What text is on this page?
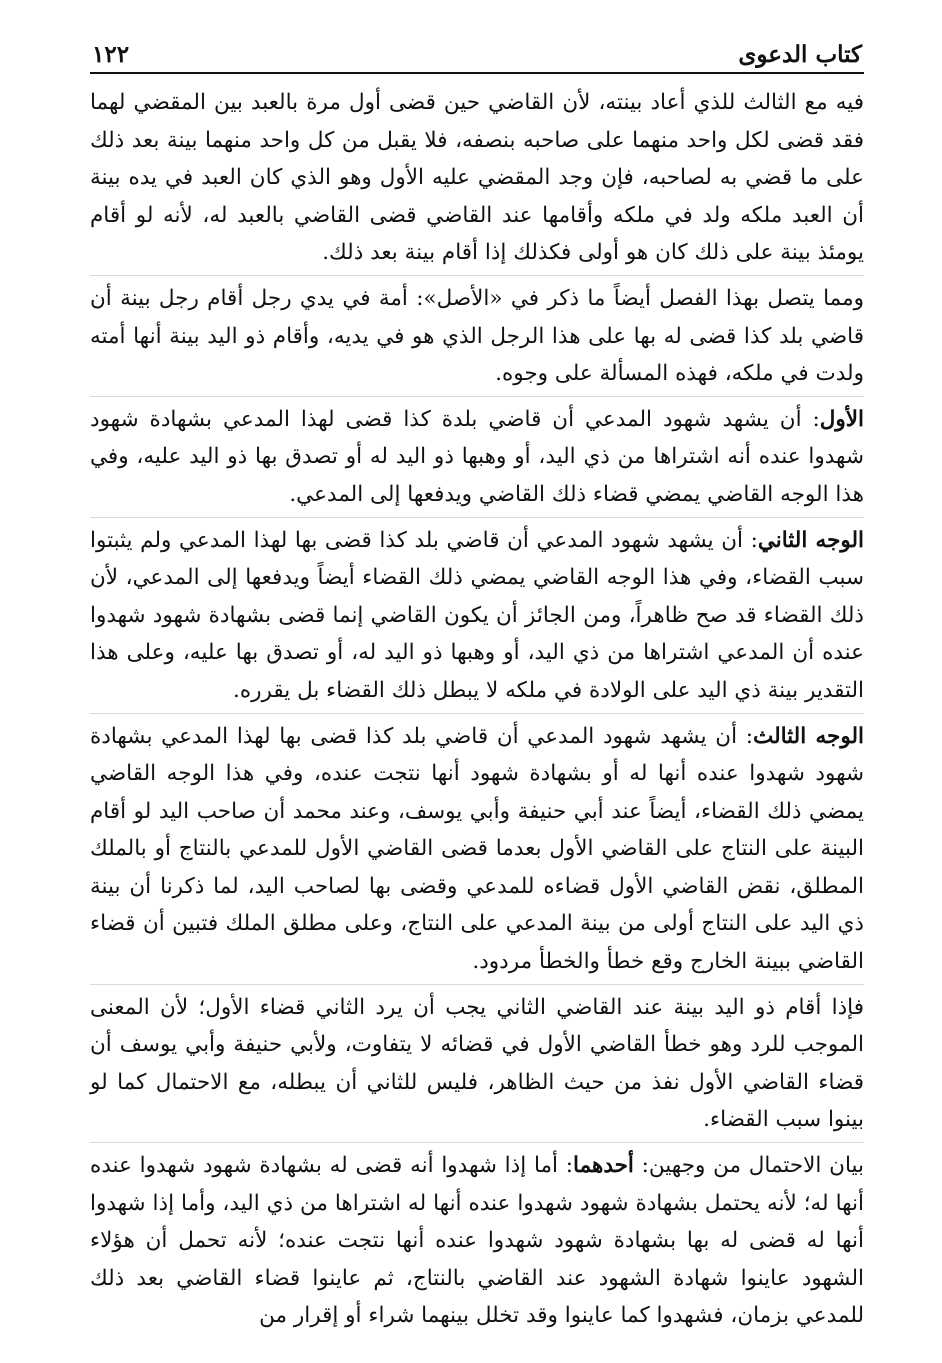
كتاب الدعوى
١٢٢

فيه مع الثالث للذي أعاد بينته، لأن القاضي حين قضى أول مرة بالعبد بين المقضي لهما فقد قضى لكل واحد منهما على صاحبه بنصفه، فلا يقبل من كل واحد منهما بينة بعد ذلك على ما قضي به لصاحبه، فإن وجد المقضي عليه الأول وهو الذي كان العبد في يده بينة أن العبد ملكه ولد في ملكه وأقامها عند القاضي قضى القاضي بالعبد له، لأنه لو أقام يومئذ بينة على ذلك كان هو أولى فكذلك إذا أقام بينة بعد ذلك.

ومما يتصل بهذا الفصل أيضاً ما ذكر في «الأصل»: أمة في يدي رجل أقام رجل بينة أن قاضي بلد كذا قضى له بها على هذا الرجل الذي هو في يديه، وأقام ذو اليد بينة أنها أمته ولدت في ملكه، فهذه المسألة على وجوه.

الأول: أن يشهد شهود المدعي أن قاضي بلدة كذا قضى لهذا المدعي بشهادة شهود شهدوا عنده أنه اشتراها من ذي اليد، أو وهبها ذو اليد له أو تصدق بها ذو اليد عليه، وفي هذا الوجه القاضي يمضي قضاء ذلك القاضي ويدفعها إلى المدعي.

الوجه الثاني: أن يشهد شهود المدعي أن قاضي بلد كذا قضى بها لهذا المدعي ولم يثبتوا سبب القضاء، وفي هذا الوجه القاضي يمضي ذلك القضاء أيضاً ويدفعها إلى المدعي، لأن ذلك القضاء قد صح ظاهراً، ومن الجائز أن يكون القاضي إنما قضى بشهادة شهود شهدوا عنده أن المدعي اشتراها من ذي اليد، أو وهبها ذو اليد له، أو تصدق بها عليه، وعلى هذا التقدير بينة ذي اليد على الولادة في ملكه لا يبطل ذلك القضاء بل يقرره.

الوجه الثالث: أن يشهد شهود المدعي أن قاضي بلد كذا قضى بها لهذا المدعي بشهادة شهود شهدوا عنده أنها له أو بشهادة شهود أنها نتجت عنده، وفي هذا الوجه القاضي يمضي ذلك القضاء، أيضاً عند أبي حنيفة وأبي يوسف، وعند محمد أن صاحب اليد لو أقام البينة على النتاج على القاضي الأول بعدما قضى القاضي الأول للمدعي بالنتاج أو بالملك المطلق، نقض القاضي الأول قضاءه للمدعي وقضى بها لصاحب اليد، لما ذكرنا أن بينة ذي اليد على النتاج أولى من بينة المدعي على النتاج، وعلى مطلق الملك فتبين أن قضاء القاضي ببينة الخارج وقع خطأ والخطأ مردود.

فإذا أقام ذو اليد بينة عند القاضي الثاني يجب أن يرد الثاني قضاء الأول؛ لأن المعنى الموجب للرد وهو خطأ القاضي الأول في قضائه لا يتفاوت، ولأبي حنيفة وأبي يوسف أن قضاء القاضي الأول نفذ من حيث الظاهر، فليس للثاني أن يبطله، مع الاحتمال كما لو بينوا سبب القضاء.

بيان الاحتمال من وجهين: أحدهما: أما إذا شهدوا أنه قضى له بشهادة شهود شهدوا عنده أنها له؛ لأنه يحتمل بشهادة شهود شهدوا عنده أنها له اشتراها من ذي اليد، وأما إذا شهدوا أنها له قضى له بها بشهادة شهود شهدوا عنده أنها نتجت عنده؛ لأنه تحمل أن هؤلاء الشهود عاينوا شهادة الشهود عند القاضي بالنتاج، ثم عاينوا قضاء القاضي بعد ذلك للمدعي بزمان، فشهدوا كما عاينوا وقد تخلل بينهما شراء أو إقرار من
